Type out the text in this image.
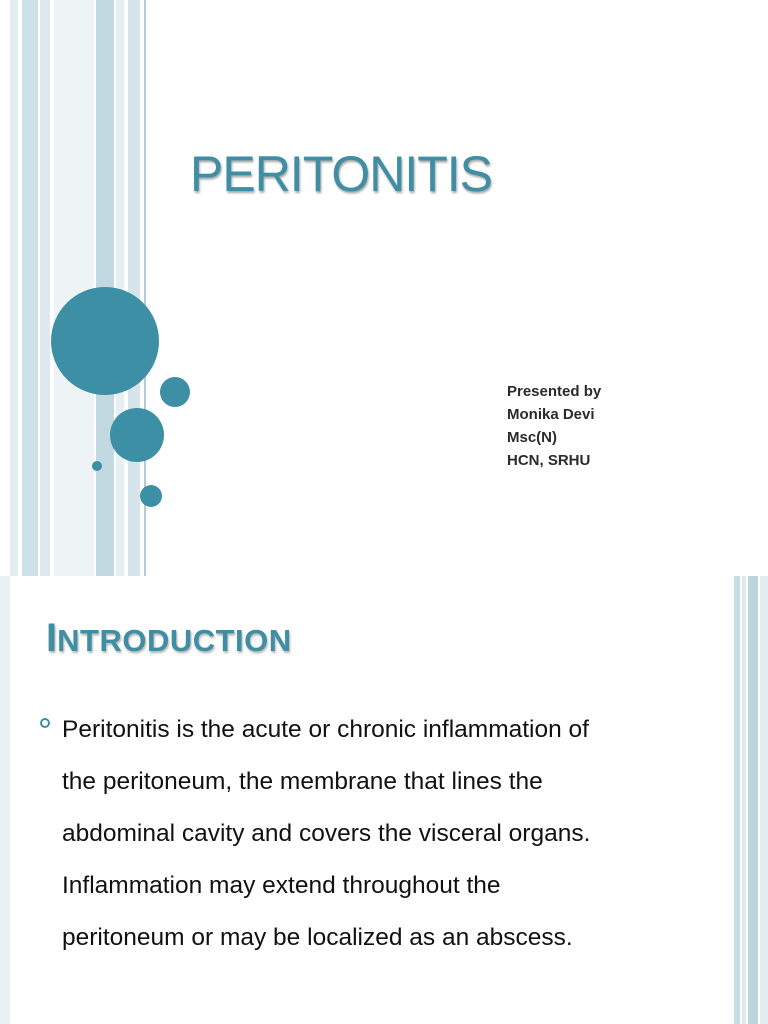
PERITONITIS
Presented by
Monika Devi
Msc(N)
HCN, SRHU
INTRODUCTION
Peritonitis is the acute or chronic inflammation of
the peritoneum, the membrane that lines the
abdominal cavity and covers the visceral organs.
Inflammation may extend throughout the
peritoneum or may be localized as an abscess.
